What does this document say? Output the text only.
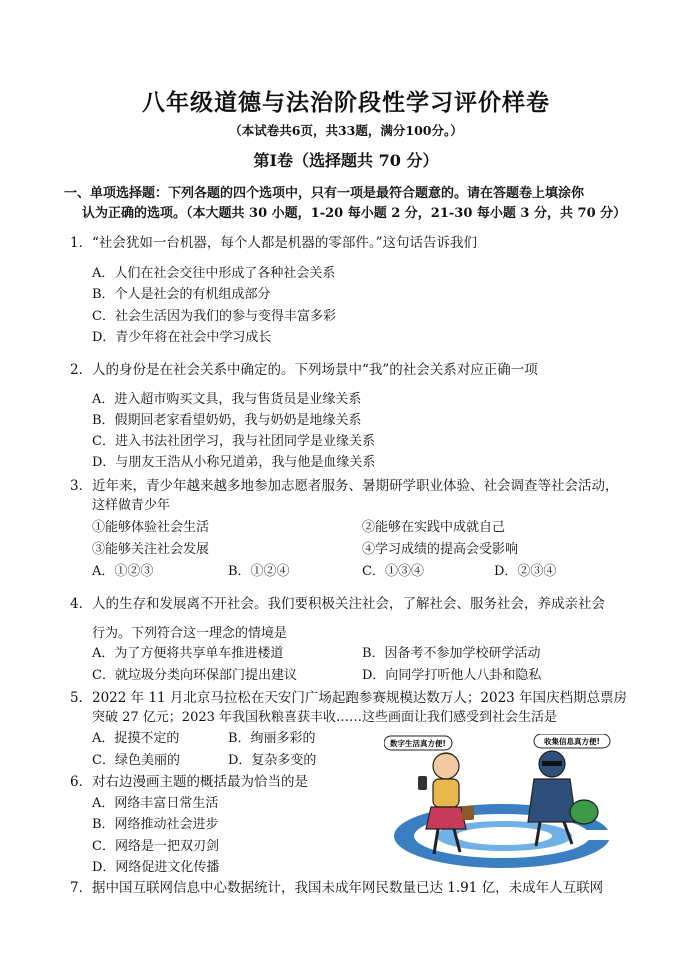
八年级道德与法治阶段性学习评价样卷
（本试卷共6页，共33题，满分100分。）
第Ⅰ卷（选择题共 70 分）
一、单项选择题：下列各题的四个选项中，只有一项是最符合题意的。请在答题卷上填涂你
认为正确的选项。（本大题共 30 小题，1-20 每小题 2 分，21-30 每小题 3 分，共 70 分）
1．“社会犹如一台机器，每个人都是机器的零部件。”这句话告诉我们
A．人们在社会交往中形成了各种社会关系
B．个人是社会的有机组成部分
C．社会生活因为我们的参与变得丰富多彩
D．青少年将在社会中学习成长
2．人的身份是在社会关系中确定的。下列场景中“我”的社会关系对应正确一项
A．进入超市购买文具，我与售货员是业缘关系
B．假期回老家看望奶奶，我与奶奶是地缘关系
C．进入书法社团学习，我与社团同学是业缘关系
D．与朋友王浩从小称兄道弟，我与他是血缘关系
3．近年来，青少年越来越多地参加志愿者服务、暑期研学职业体验、社会调查等社会活动，
这样做青少年
①能够体验社会生活	②能够在实践中成就自己
③能够关注社会发展	④学习成绩的提高会受影响
A．①②③	B．①②④	C．①③④	D．②③④
4．人的生存和发展离不开社会。我们要积极关注社会，了解社会、服务社会，养成亲社会
行为。下列符合这一理念的情境是
A．为了方便将共享单车推进楼道	B．因备考不参加学校研学活动
C．就垃圾分类向环保部门提出建议	D．向同学打听他人八卦和隐私
5．2022 年 11 月北京马拉松在天安门广场起跑参赛规模达数万人；2023 年国庆档期总票房
突破 27 亿元；2023 年我国秋粮喜获丰收……这些画面让我们感受到社会生活是
A．捉摸不定的	B．绚丽多彩的
C．绿色美丽的	D．复杂多变的
6．对右边漫画主题的概括最为恰当的是
A．网络丰富日常生活
B．网络推动社会进步
C．网络是一把双刃剑
D．网络促进文化传播
7．据中国互联网信息中心数据统计，我国未成年网民数量已达 1.91 亿，未成年人互联网
数字生活真方便!	收集信息真方便!
